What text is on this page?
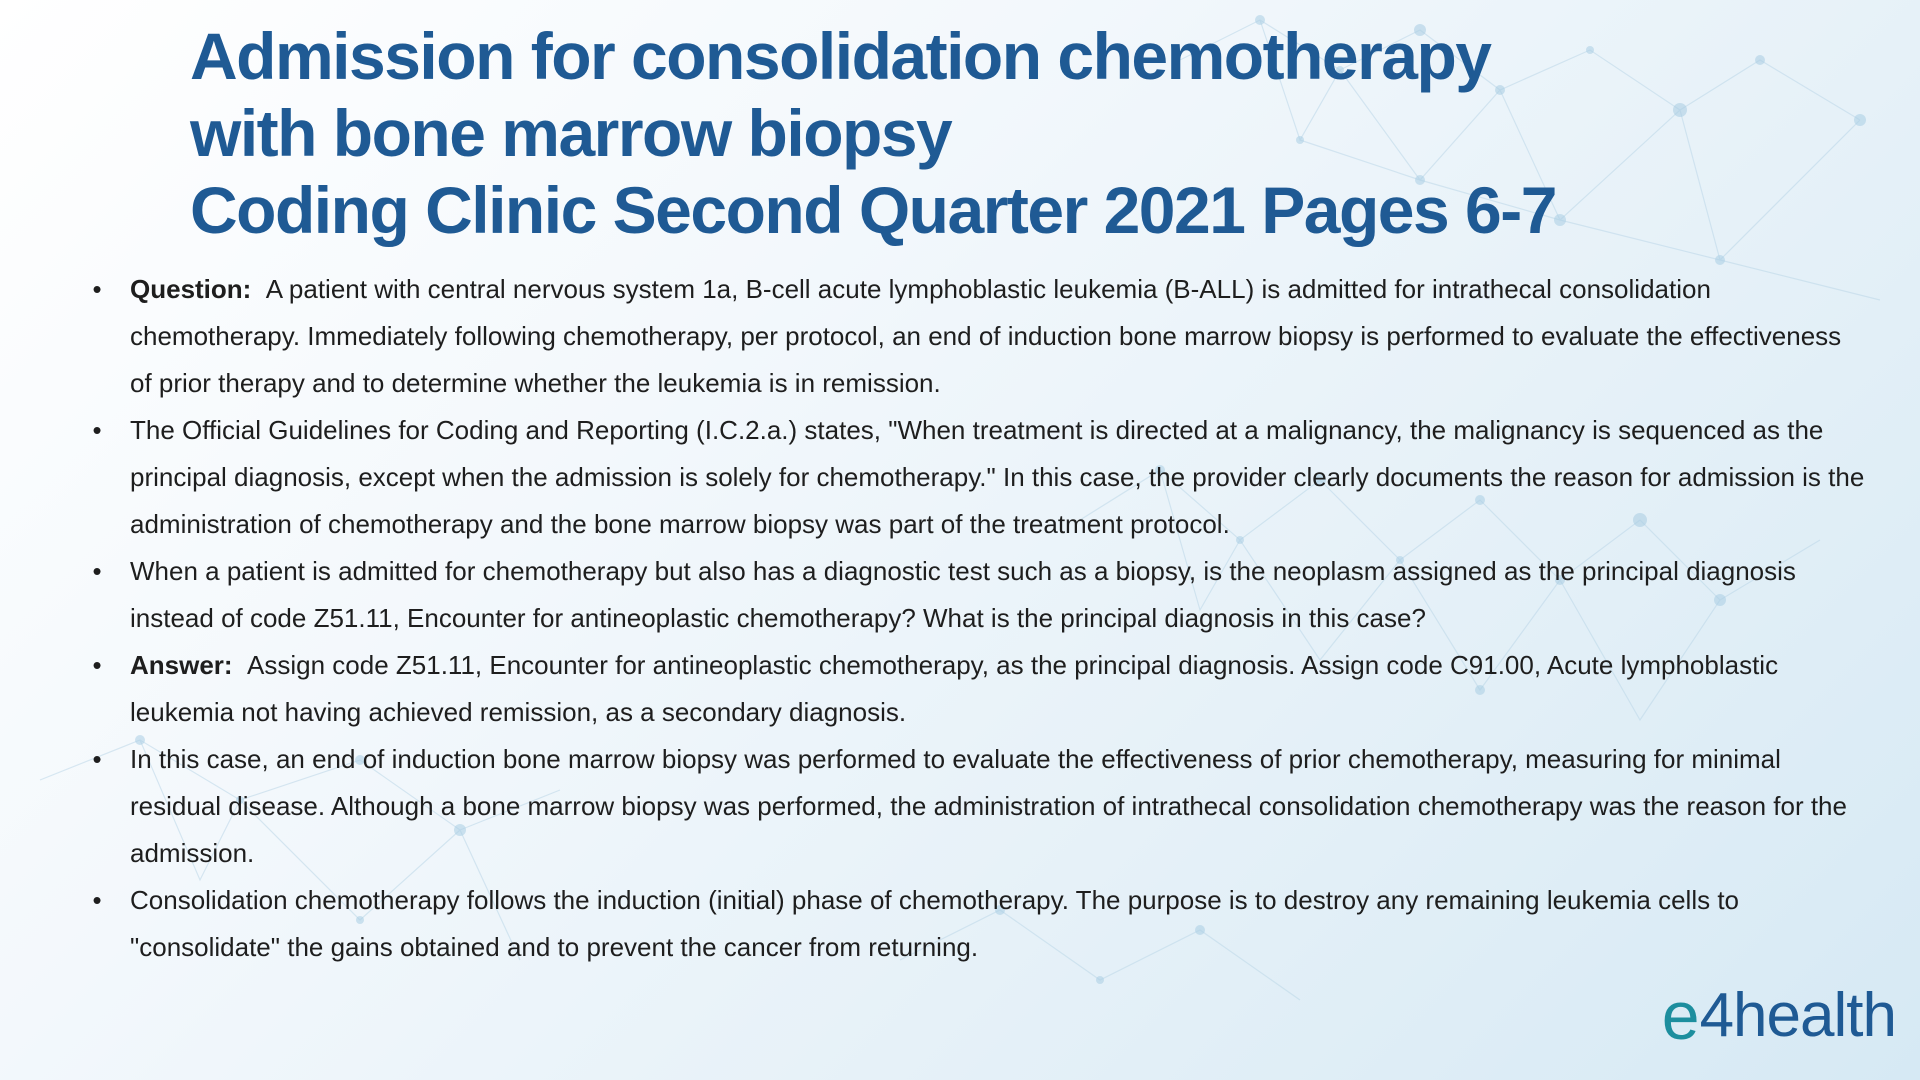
Admission for consolidation chemotherapy
with bone marrow biopsy
Coding Clinic Second Quarter 2021 Pages 6-7
• Question:  A patient with central nervous system 1a, B-cell acute lymphoblastic leukemia (B-ALL) is admitted for intrathecal consolidation chemotherapy. Immediately following chemotherapy, per protocol, an end of induction bone marrow biopsy is performed to evaluate the effectiveness of prior therapy and to determine whether the leukemia is in remission.
• The Official Guidelines for Coding and Reporting (I.C.2.a.) states, "When treatment is directed at a malignancy, the malignancy is sequenced as the principal diagnosis, except when the admission is solely for chemotherapy." In this case, the provider clearly documents the reason for admission is the administration of chemotherapy and the bone marrow biopsy was part of the treatment protocol.
• When a patient is admitted for chemotherapy but also has a diagnostic test such as a biopsy, is the neoplasm assigned as the principal diagnosis instead of code Z51.11, Encounter for antineoplastic chemotherapy? What is the principal diagnosis in this case?
• Answer:  Assign code Z51.11, Encounter for antineoplastic chemotherapy, as the principal diagnosis. Assign code C91.00, Acute lymphoblastic leukemia not having achieved remission, as a secondary diagnosis.
• In this case, an end of induction bone marrow biopsy was performed to evaluate the effectiveness of prior chemotherapy, measuring for minimal residual disease. Although a bone marrow biopsy was performed, the administration of intrathecal consolidation chemotherapy was the reason for the admission.
• Consolidation chemotherapy follows the induction (initial) phase of chemotherapy. The purpose is to destroy any remaining leukemia cells to "consolidate" the gains obtained and to prevent the cancer from returning.
e 4health
